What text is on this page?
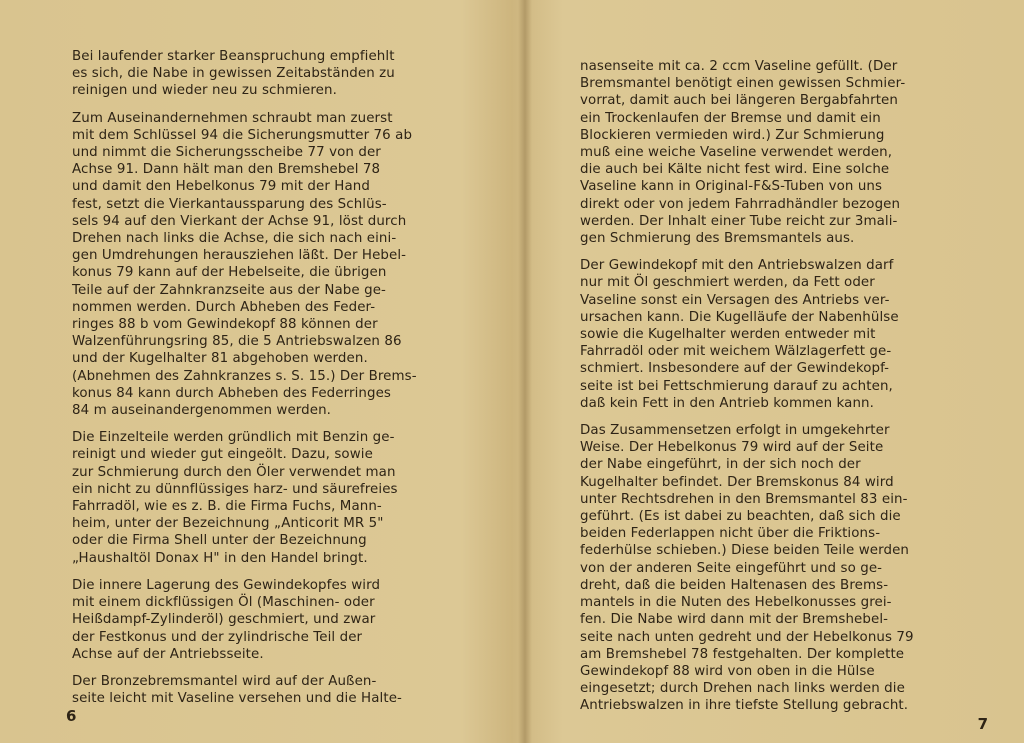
Bei laufender starker Beanspruchung empfiehlt
es sich, die Nabe in gewissen Zeitabständen zu
reinigen und wieder neu zu schmieren.

Zum Auseinandernehmen schraubt man zuerst
mit dem Schlüssel 94 die Sicherungsmutter 76 ab
und nimmt die Sicherungsscheibe 77 von der
Achse 91. Dann hält man den Bremshebel 78
und damit den Hebelkonus 79 mit der Hand
fest, setzt die Vierkantaussparung des Schlüs-
sels 94 auf den Vierkant der Achse 91, löst durch
Drehen nach links die Achse, die sich nach eini-
gen Umdrehungen herausziehen läßt. Der Hebel-
konus 79 kann auf der Hebelseite, die übrigen
Teile auf der Zahnkranzseite aus der Nabe ge-
nommen werden. Durch Abheben des Feder-
ringes 88 b vom Gewindekopf 88 können der
Walzenführungsring 85, die 5 Antriebswalzen 86
und der Kugelhalter 81 abgehoben werden.
(Abnehmen des Zahnkranzes s. S. 15.) Der Brems-
konus 84 kann durch Abheben des Federringes
84 m auseinandergenommen werden.

Die Einzelteile werden gründlich mit Benzin ge-
reinigt und wieder gut eingeölt. Dazu, sowie
zur Schmierung durch den Öler verwendet man
ein nicht zu dünnflüssiges harz- und säurefreies
Fahrradöl, wie es z. B. die Firma Fuchs, Mann-
heim, unter der Bezeichnung „Anticorit MR 5"
oder die Firma Shell unter der Bezeichnung
„Haushaltöl Donax H" in den Handel bringt.

Die innere Lagerung des Gewindekopfes wird
mit einem dickflüssigen Öl (Maschinen- oder
Heißdampf-Zylinderöl) geschmiert, und zwar
der Festkonus und der zylindrische Teil der
Achse auf der Antriebsseite.

Der Bronzebremsmantel wird auf der Außen-
seite leicht mit Vaseline versehen und die Halte-

6

nasenseite mit ca. 2 ccm Vaseline gefüllt. (Der
Bremsmantel benötigt einen gewissen Schmier-
vorrat, damit auch bei längeren Bergabfahrten
ein Trockenlaufen der Bremse und damit ein
Blockieren vermieden wird.) Zur Schmierung
muß eine weiche Vaseline verwendet werden,
die auch bei Kälte nicht fest wird. Eine solche
Vaseline kann in Original-F&S-Tuben von uns
direkt oder von jedem Fahrradhändler bezogen
werden. Der Inhalt einer Tube reicht zur 3mali-
gen Schmierung des Bremsmantels aus.

Der Gewindekopf mit den Antriebswalzen darf
nur mit Öl geschmiert werden, da Fett oder
Vaseline sonst ein Versagen des Antriebs ver-
ursachen kann. Die Kugelläufe der Nabenhülse
sowie die Kugelhalter werden entweder mit
Fahrradöl oder mit weichem Wälzlagerfett ge-
schmiert. Insbesondere auf der Gewindekopf-
seite ist bei Fettschmierung darauf zu achten,
daß kein Fett in den Antrieb kommen kann.

Das Zusammensetzen erfolgt in umgekehrter
Weise. Der Hebelkonus 79 wird auf der Seite
der Nabe eingeführt, in der sich noch der
Kugelhalter befindet. Der Bremskonus 84 wird
unter Rechtsdrehen in den Bremsmantel 83 ein-
geführt. (Es ist dabei zu beachten, daß sich die
beiden Federlappen nicht über die Friktions-
federhülse schieben.) Diese beiden Teile werden
von der anderen Seite eingeführt und so ge-
dreht, daß die beiden Haltenasen des Brems-
mantels in die Nuten des Hebelkonusses grei-
fen. Die Nabe wird dann mit der Bremshebel-
seite nach unten gedreht und der Hebelkonus 79
am Bremshebel 78 festgehalten. Der komplette
Gewindekopf 88 wird von oben in die Hülse
eingesetzt; durch Drehen nach links werden die
Antriebswalzen in ihre tiefste Stellung gebracht.

7
